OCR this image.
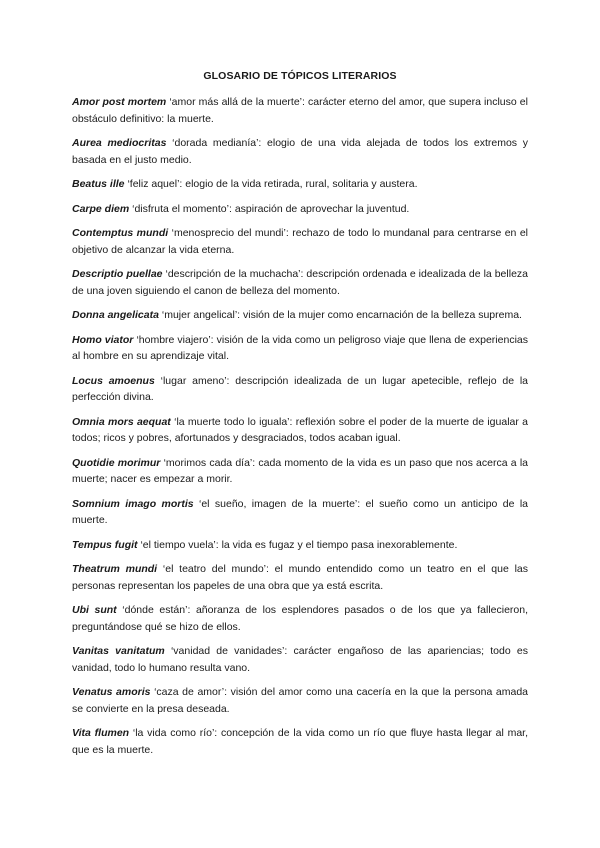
GLOSARIO DE TÓPICOS LITERARIOS

Amor post mortem ‘amor más allá de la muerte’: carácter eterno del amor, que supera incluso el obstáculo definitivo: la muerte.

Aurea mediocritas ‘dorada medianía’: elogio de una vida alejada de todos los extremos y basada en el justo medio.

Beatus ille ‘feliz aquel’: elogio de la vida retirada, rural, solitaria y austera.

Carpe diem ‘disfruta el momento’: aspiración de aprovechar la juventud.

Contemptus mundi ‘menosprecio del mundi’: rechazo de todo lo mundanal para centrarse en el objetivo de alcanzar la vida eterna.

Descriptio puellae ‘descripción de la muchacha’: descripción ordenada e idealizada de la belleza de una joven siguiendo el canon de belleza del momento.

Donna angelicata ‘mujer angelical’: visión de la mujer como encarnación de la belleza suprema.

Homo viator ‘hombre viajero’: visión de la vida como un peligroso viaje que llena de experiencias al hombre en su aprendizaje vital.

Locus amoenus ‘lugar ameno’: descripción idealizada de un lugar apetecible, reflejo de la perfección divina.

Omnia mors aequat ‘la muerte todo lo iguala’: reflexión sobre el poder de la muerte de igualar a todos; ricos y pobres, afortunados y desgraciados, todos acaban igual.

Quotidie morimur ‘morimos cada día’: cada momento de la vida es un paso que nos acerca a la muerte; nacer es empezar a morir.

Somnium imago mortis ‘el sueño, imagen de la muerte’: el sueño como un anticipo de la muerte.

Tempus fugit ‘el tiempo vuela’: la vida es fugaz y el tiempo pasa inexorablemente.

Theatrum mundi ‘el teatro del mundo’: el mundo entendido como un teatro en el que las personas representan los papeles de una obra que ya está escrita.

Ubi sunt ‘dónde están’: añoranza de los esplendores pasados o de los que ya fallecieron, preguntándose qué se hizo de ellos.

Vanitas vanitatum ‘vanidad de vanidades’: carácter engañoso de las apariencias; todo es vanidad, todo lo humano resulta vano.

Venatus amoris ‘caza de amor’: visión del amor como una cacería en la que la persona amada se convierte en la presa deseada.

Vita flumen ‘la vida como río’: concepción de la vida como un río que fluye hasta llegar al mar, que es la muerte.
